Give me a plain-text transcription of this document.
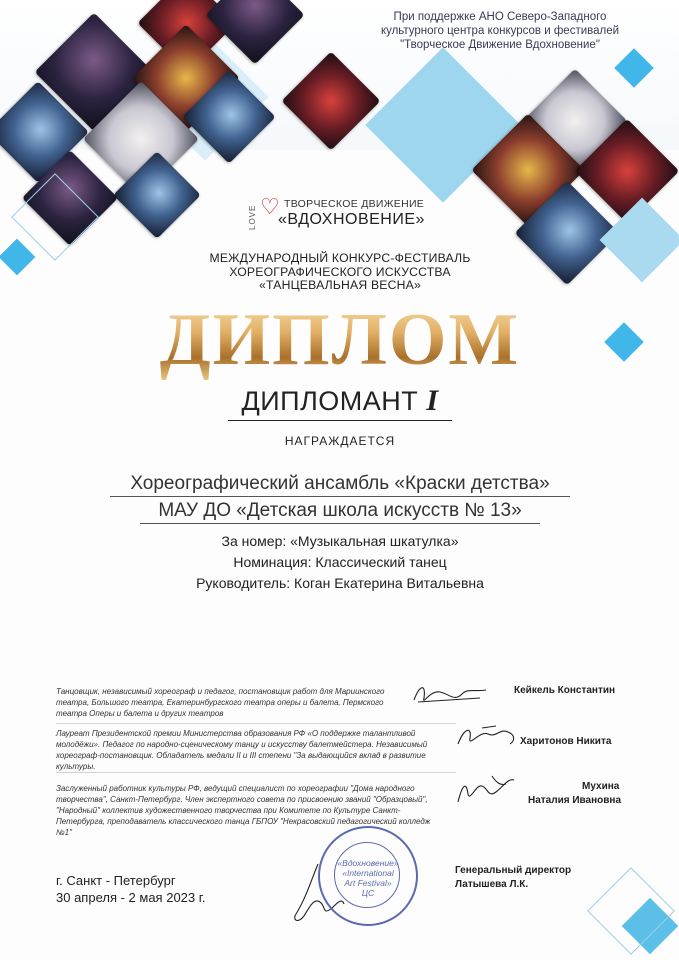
При поддержке АНО Северо-Западного
культурного центра конкурсов и фестивалей
"Творческое Движение Вдохновение"
LOVE ♡ ТВОРЧЕСКОЕ ДВИЖЕНИЕ
«ВДОХНОВЕНИЕ»
МЕЖДУНАРОДНЫЙ КОНКУРС-ФЕСТИВАЛЬ
ХОРЕОГРАФИЧЕСКОГО ИСКУССТВА
«ТАНЦЕВАЛЬНАЯ ВЕСНА»
ДИПЛОМ
ДИПЛОМАНТ I
НАГРАЖДАЕТСЯ
Хореографический ансамбль «Краски детства»
МАУ ДО «Детская школа искусств № 13»
За номер: «Музыкальная шкатулка»
Номинация: Классический танец
Руководитель: Коган Екатерина Витальевна
Танцовщик, независимый хореограф и педагог, постановщик работ для Мариинского театра, Большого театра, Екатеринбургского театра оперы и балета, Пермского театра Оперы и балета и других театров
Кейкель Константин
Лауреат Президентской премии Министерства образования РФ «О поддержке талантливой молодёжи». Педагог по народно-сценическому танцу и искусству балетмейстера. Независимый хореограф-постановщик. Обладатель медали II и III степени "За выдающийся вклад в развитие культуры.
Харитонов Никита
Заслуженный работник культуры РФ, ведущий специалист по хореографии "Дома народного творчества", Санкт-Петербург. Член экспертного совета по присвоению званий "Образцовый", "Народный" коллектив художественного творчества при Комитете по Культуре Санкт-Петербурга, преподаватель классического танца ГБПОУ "Некрасовский педагогический колледж №1"
Мухина
Наталия Ивановна
г. Санкт - Петербург
30 апреля - 2 мая 2023 г.
«Вдохновение»
«International
Art Festival»
ЦС
Генеральный директор
Латышева Л.К.
